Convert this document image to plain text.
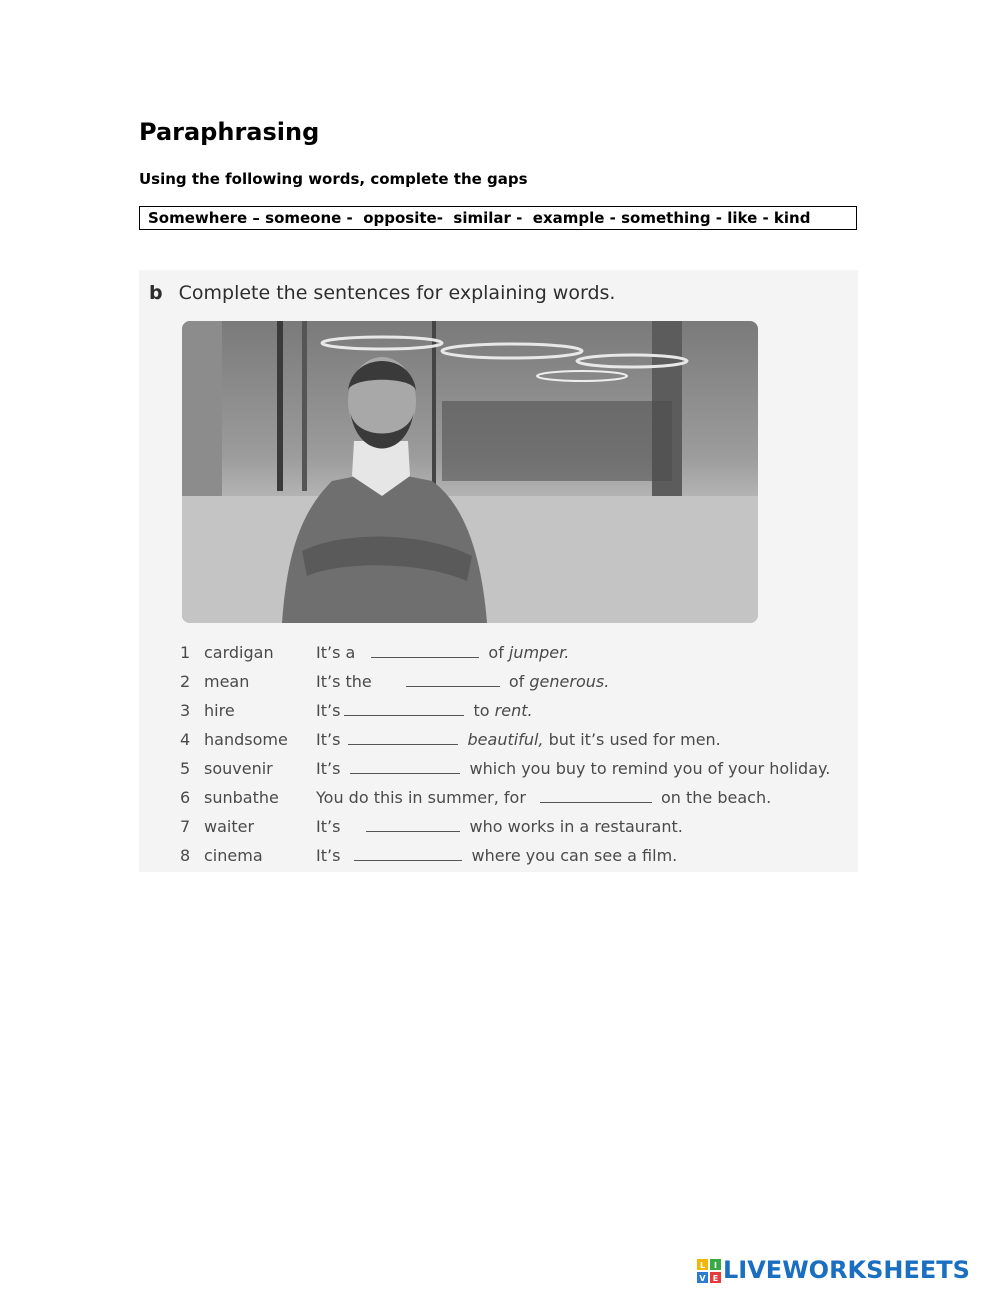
Paraphrasing
Using the following words, complete the gaps
Somewhere – someone -  opposite-  similar -  example - something - like - kind
b Complete the sentences for explaining words.
1 cardigan	It’s a	of jumper.
2 mean	It’s the	of generous.
3 hire	It’s	to rent.
4 handsome It’s	beautiful, but it’s used for men.
5 souvenir	It’s	which you buy to remind you of your holiday.
6 sunbathe You do this in summer, for	on the beach.
7 waiter	It’s	who works in a restaurant.
8 cinema	It’s	where you can see a film.
L I
V E LIVEWORKSHEETS
